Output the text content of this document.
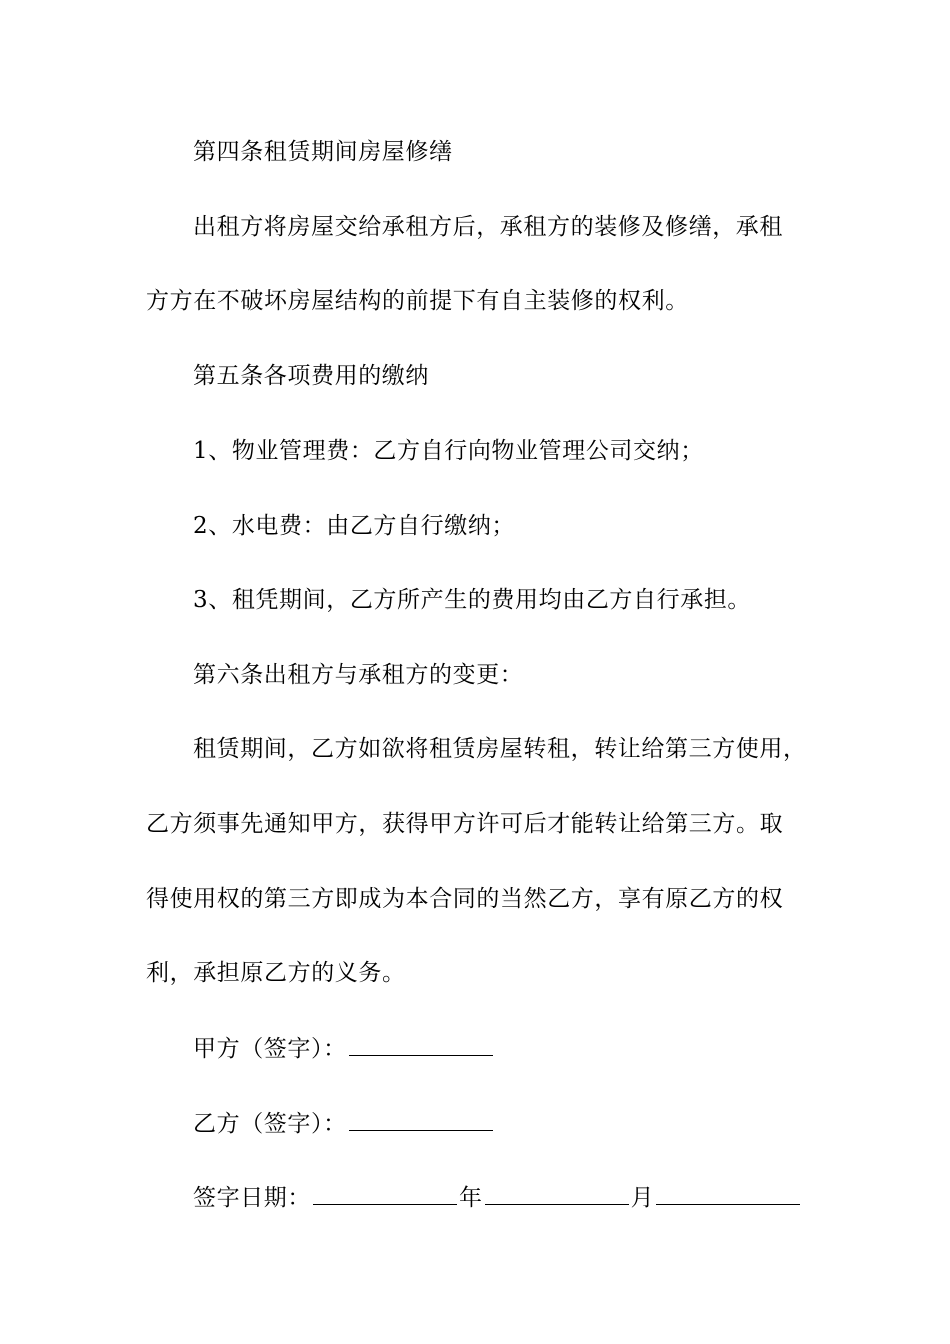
第四条租赁期间房屋修缮
出租方将房屋交给承租方后，承租方的装修及修缮，承租
方方在不破坏房屋结构的前提下有自主装修的权利。
第五条各项费用的缴纳
1、物业管理费：乙方自行向物业管理公司交纳；
2、水电费：由乙方自行缴纳；
3、租凭期间，乙方所产生的费用均由乙方自行承担。
第六条出租方与承租方的变更：
租赁期间，乙方如欲将租赁房屋转租，转让给第三方使用，
乙方须事先通知甲方，获得甲方许可后才能转让给第三方。取
得使用权的第三方即成为本合同的当然乙方，享有原乙方的权
利，承担原乙方的义务。
甲方（签字）：
乙方（签字）：
签字日期：	年	月
